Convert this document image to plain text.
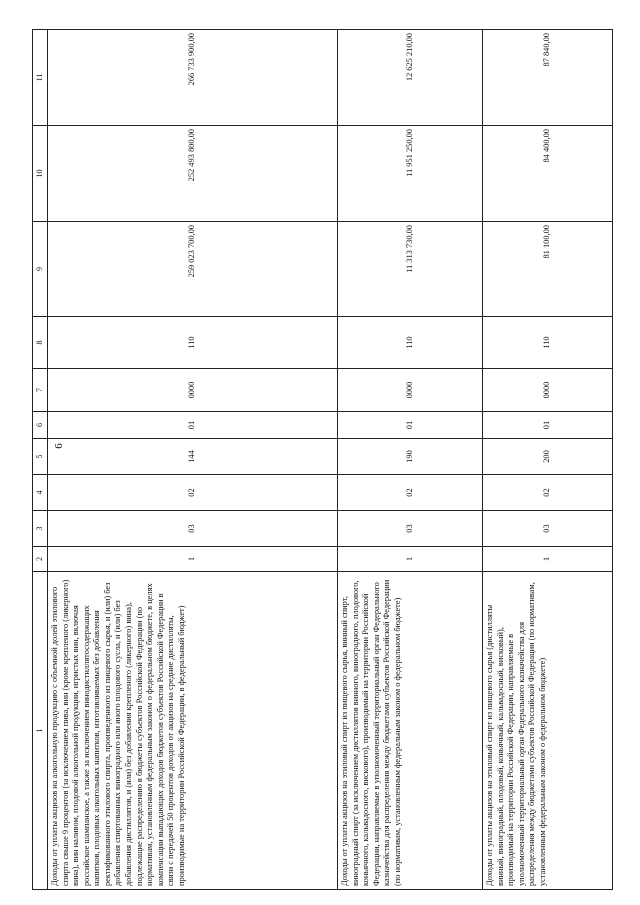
6
1	2	3	4	5	6	7	8	9	10	11
Доходы от уплаты акцизов на алкогольную продукцию с объемной долей этилового спирта свыше 9 процентов (за исключением пива, вин (кроме крепленого (ликерного) вина), вин наливом, плодовой алкогольной продукции, игристых вин, включая российское шампанское, а также за исключением винодистиллятосодержащих напитков, плодовых алкогольных напитков, изготавливаемых без добавления ректификованного этилового спирта, произведенного из пищевого сырья, и (или) без добавления спиртованных виноградного или иного плодового сусла, и (или) без добавления дистиллятов, и (или) без добавления крепленого (ликерного) вина), подлежащие распределению в бюджеты субъектов Российской Федерации (по нормативам, установленным федеральным законом о федеральном бюджете, в целях компенсации выпадающих доходов бюджетов субъектов Российской Федерации в связи с передачей 50 процентов доходов от акцизов на средние дистилляты, производимые на территории Российской Федерации, в федеральный бюджет)	1	03	02	144	01	0000	110	259 023 700,00	252 493 800,00	266 733 900,00
Доходы от уплаты акцизов на этиловый спирт из пищевого сырья, винный спирт, виноградный спирт (за исключением дистиллятов винного, виноградного, плодового, коньячного, кальвадосного, вискового), производимый на территории Российской Федерации, направляемые в уполномоченный территориальный орган Федерального казначейства для распределения между бюджетами субъектов Российской Федерации (по нормативам, установленным федеральным законом о федеральном бюджете)	1	03	02	190	01	0000	110	11 313 730,00	11 951 250,00	12 625 210,00
Доходы от уплаты акцизов на этиловый спирт из пищевого сырья (дистилляты винный, виноградный, плодовый, коньячный, кальвадосный, висковый), производимый на территории Российской Федерации, направляемые в уполномоченный территориальный орган Федерального казначейства для распределения между бюджетами субъектов Российской Федерации (по нормативам, установленным федеральным законом о федеральном бюджете)	1	03	02	200	01	0000	110	81 100,00	84 400,00	87 840,00
